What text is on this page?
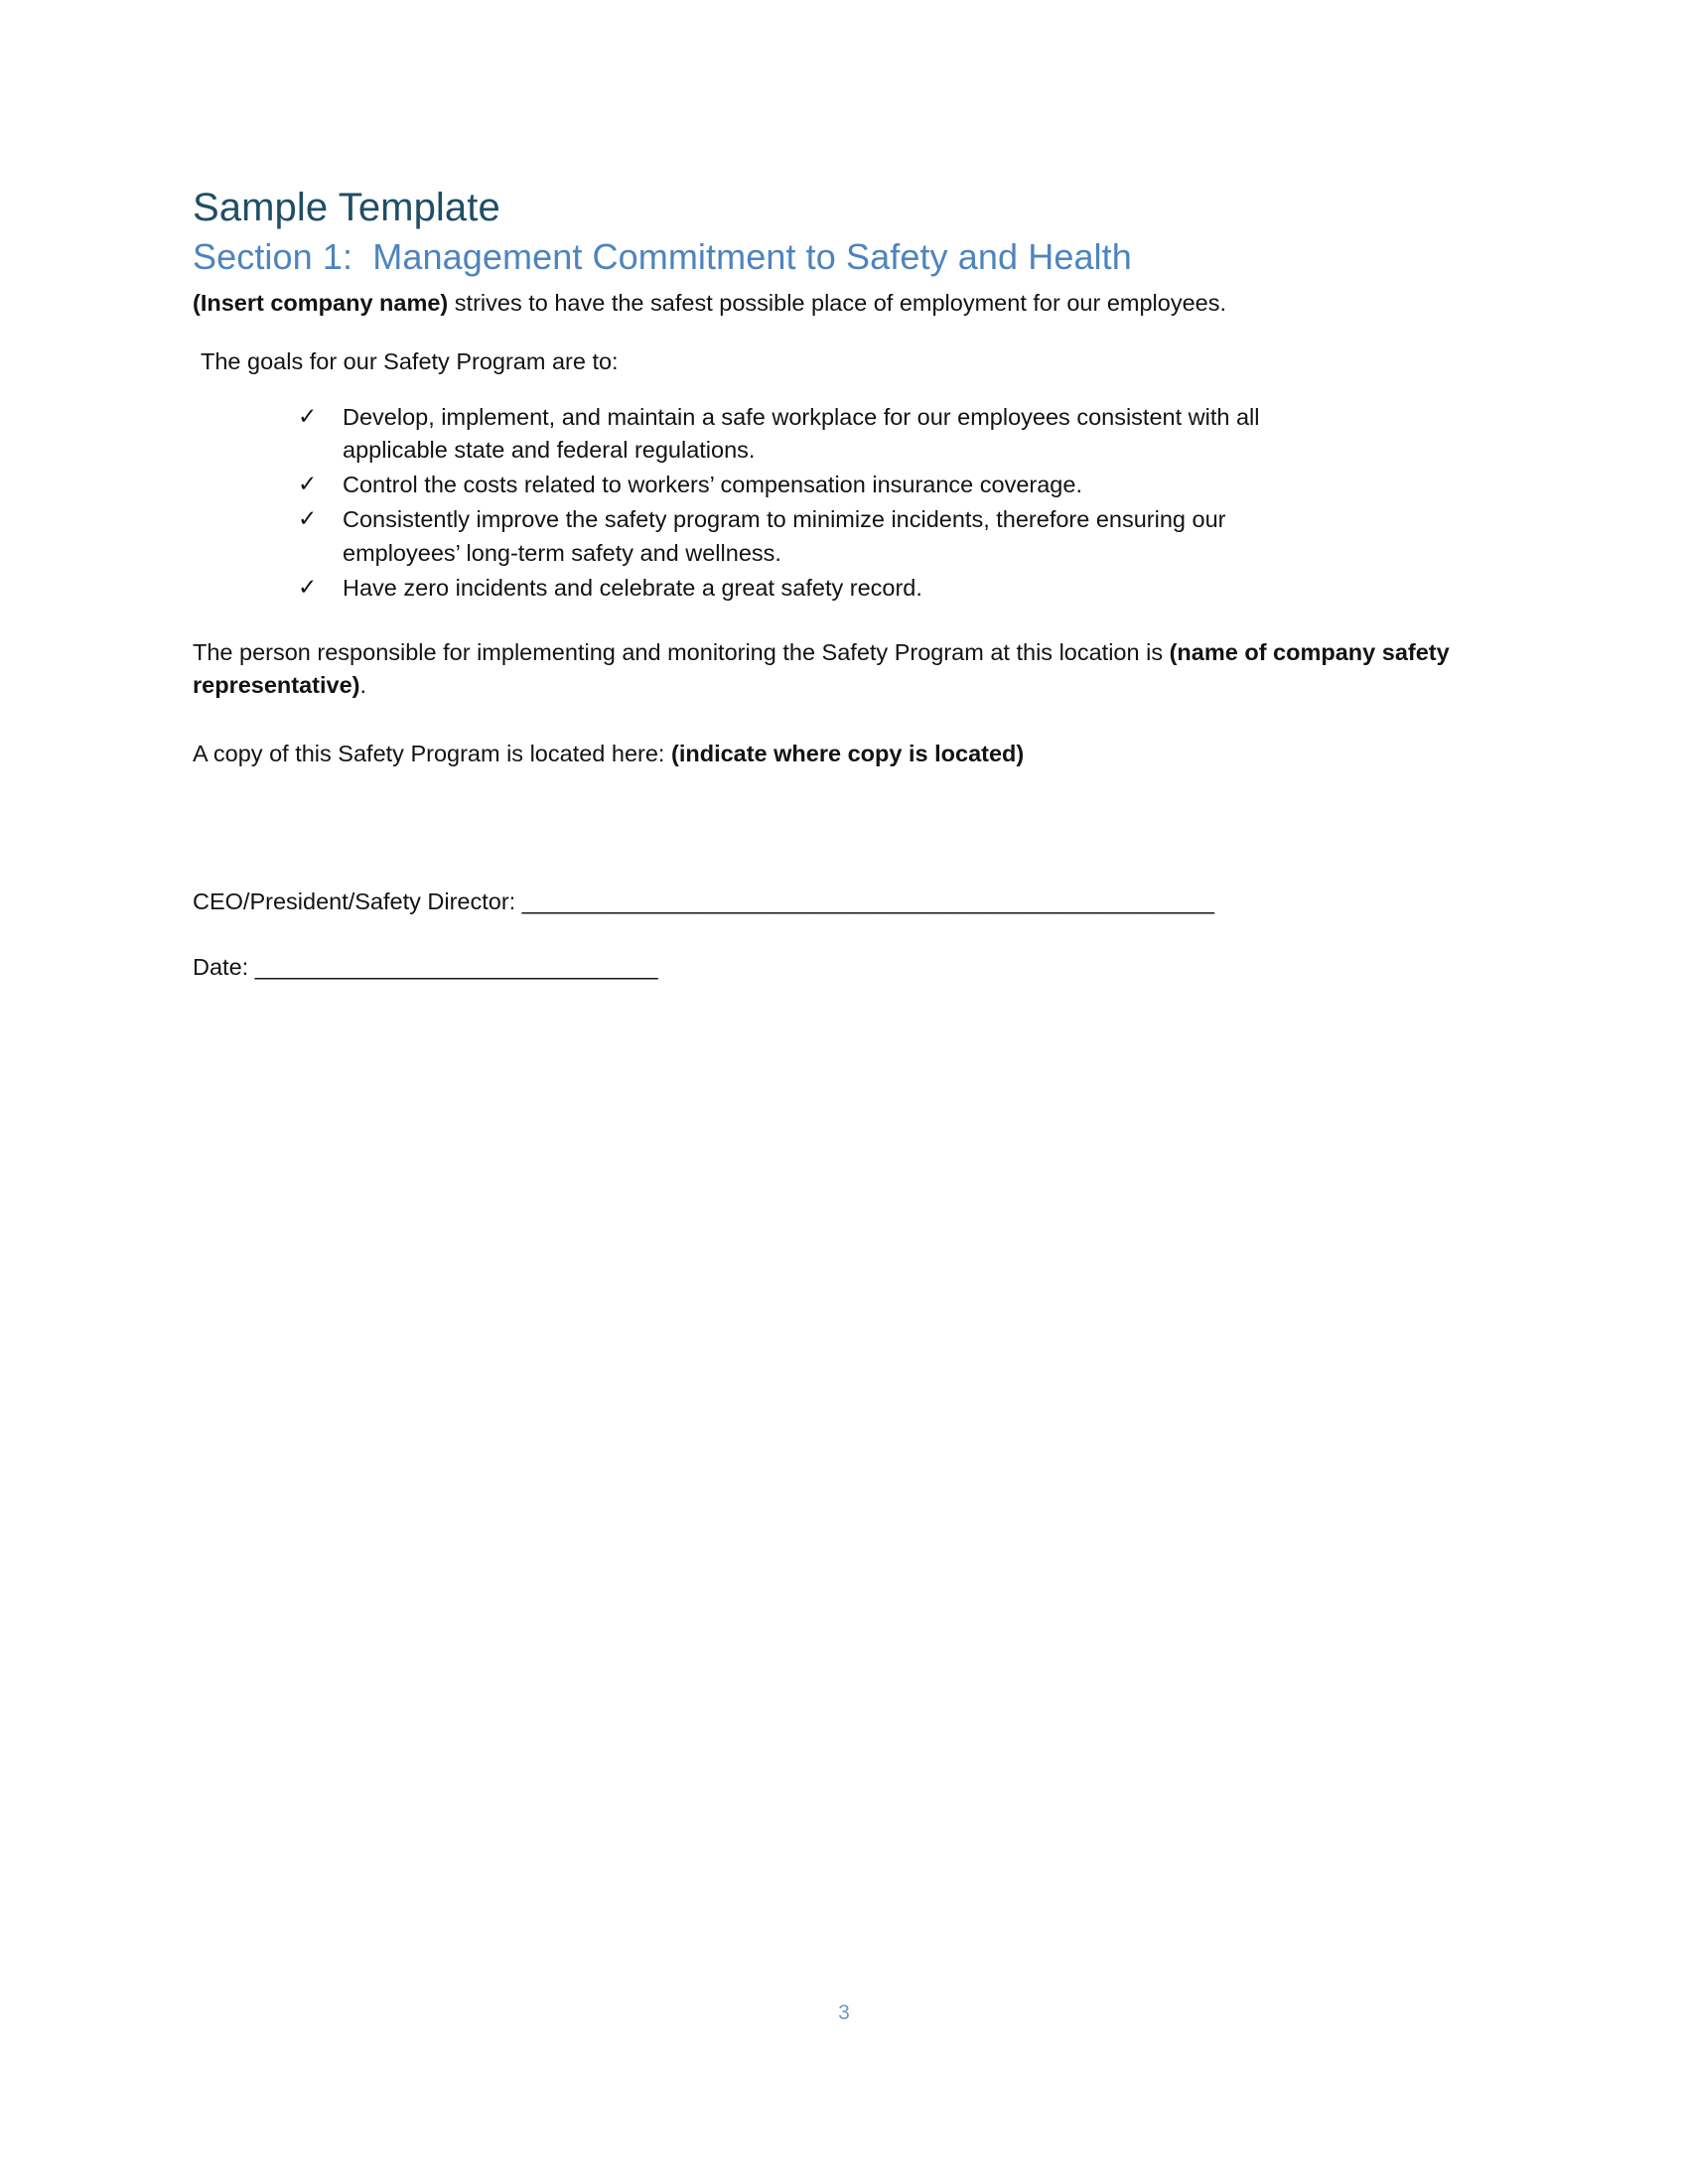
Sample Template
Section 1:  Management Commitment to Safety and Health

(Insert company name) strives to have the safest possible place of employment for our employees.

The goals for our Safety Program are to:

✓ Develop, implement, and maintain a safe workplace for our employees consistent with all applicable state and federal regulations.
✓ Control the costs related to workers’ compensation insurance coverage.
✓ Consistently improve the safety program to minimize incidents, therefore ensuring our employees’ long-term safety and wellness.
✓ Have zero incidents and celebrate a great safety record.

The person responsible for implementing and monitoring the Safety Program at this location is (name of company safety representative).

A copy of this Safety Program is located here: (indicate where copy is located)

CEO/President/Safety Director: _______________________________________________________

Date: ________________________________

3
